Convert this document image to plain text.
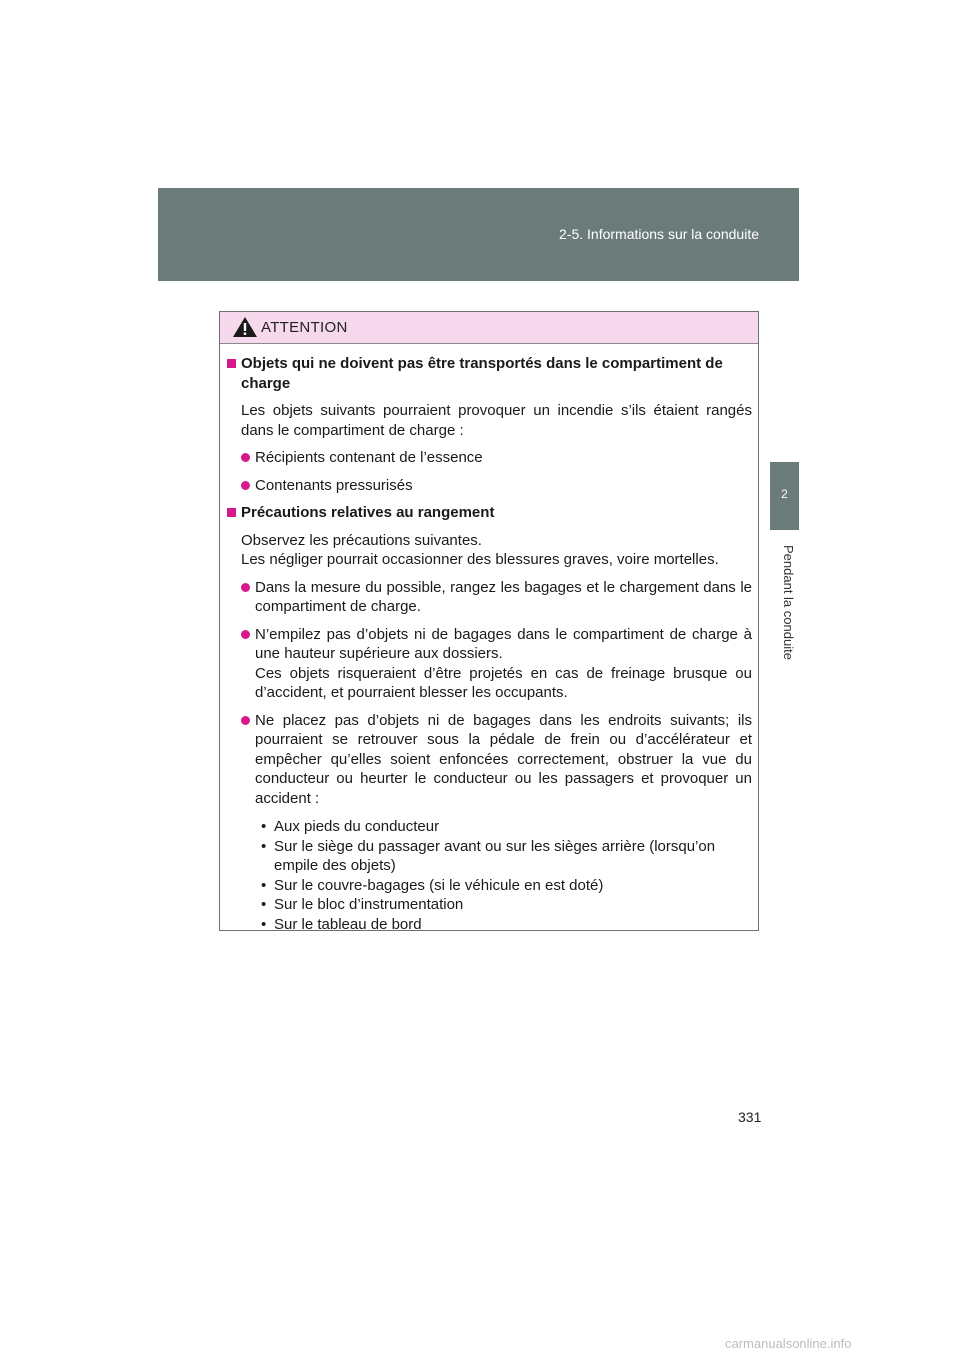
2-5. Informations sur la conduite
2
Pendant la conduite
ATTENTION
Objets qui ne doivent pas être transportés dans le compartiment de charge
Les objets suivants pourraient provoquer un incendie s’ils étaient rangés dans le compartiment de charge :
Récipients contenant de l’essence
Contenants pressurisés
Précautions relatives au rangement
Observez les précautions suivantes.
Les négliger pourrait occasionner des blessures graves, voire mortelles.
Dans la mesure du possible, rangez les bagages et le chargement dans le compartiment de charge.
N’empilez pas d’objets ni de bagages dans le compartiment de charge à une hauteur supérieure aux dossiers.
Ces objets risqueraient d’être projetés en cas de freinage brusque ou d’accident, et pourraient blesser les occupants.
Ne placez pas d’objets ni de bagages dans les endroits suivants; ils pourraient se retrouver sous la pédale de frein ou d’accélérateur et empêcher qu’elles soient enfoncées correctement, obstruer la vue du conducteur ou heurter le conducteur ou les passagers et provoquer un accident :
• Aux pieds du conducteur
• Sur le siège du passager avant ou sur les sièges arrière (lorsqu’on empile des objets)
• Sur le couvre-bagages (si le véhicule en est doté)
• Sur le bloc d’instrumentation
• Sur le tableau de bord
331
carmanualsonline.info
